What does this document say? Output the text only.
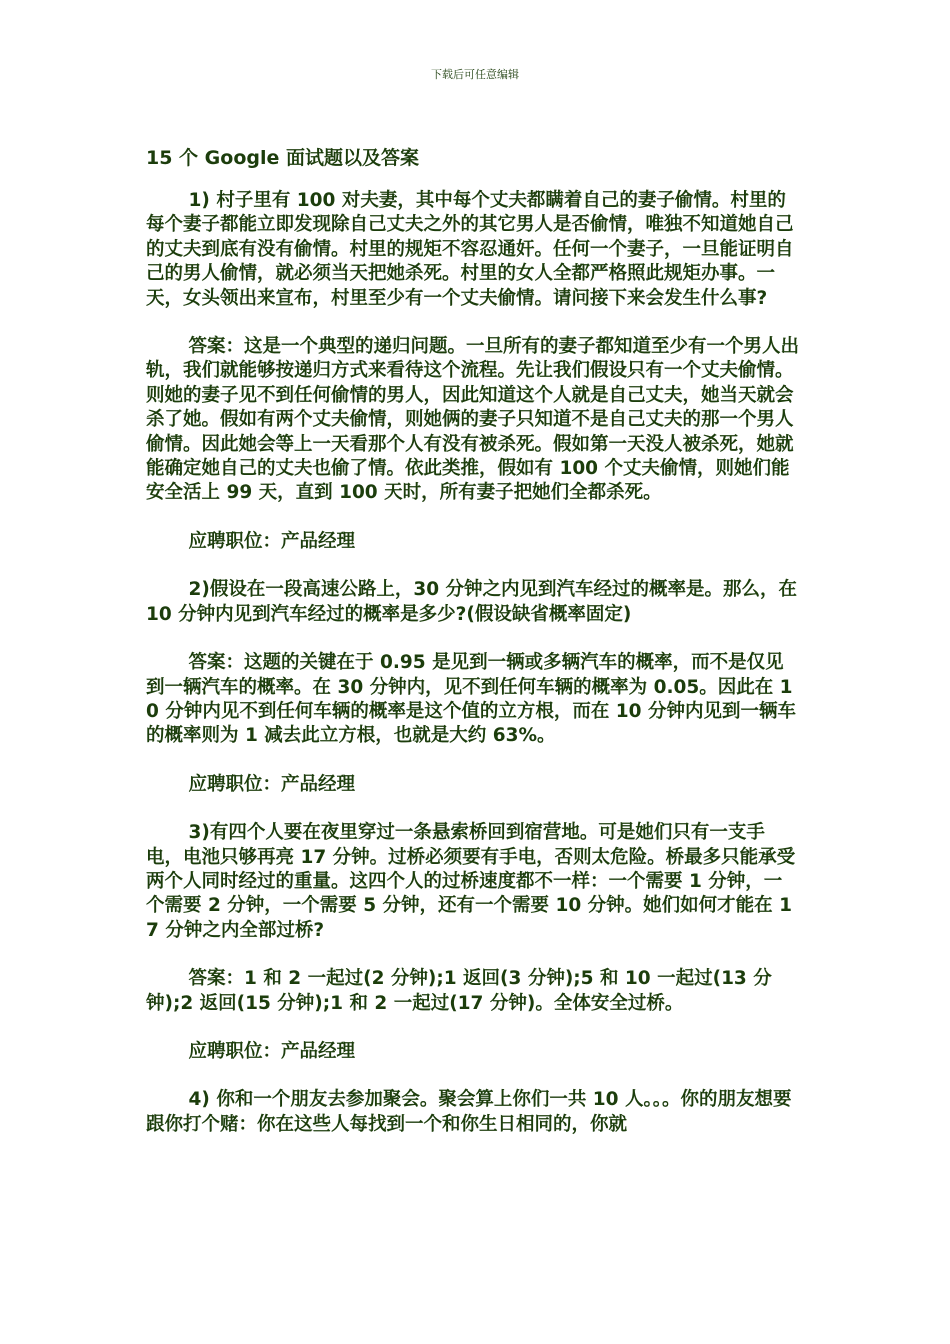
下载后可任意编辑
15 个 Google 面试题以及答案

1) 村子里有 100 对夫妻，其中每个丈夫都瞒着自己的妻子偷情。村里的每个妻子都能立即发现除自己丈夫之外的其它男人是否偷情，唯独不知道她自己的丈夫到底有没有偷情。村里的规矩不容忍通奸。任何一个妻子，一旦能证明自己的男人偷情，就必须当天把她杀死。村里的女人全都严格照此规矩办事。一天，女头领出来宣布，村里至少有一个丈夫偷情。请问接下来会发生什么事?

答案：这是一个典型的递归问题。一旦所有的妻子都知道至少有一个男人出轨，我们就能够按递归方式来看待这个流程。先让我们假设只有一个丈夫偷情。则她的妻子见不到任何偷情的男人，因此知道这个人就是自己丈夫，她当天就会杀了她。假如有两个丈夫偷情，则她俩的妻子只知道不是自己丈夫的那一个男人偷情。因此她会等上一天看那个人有没有被杀死。假如第一天没人被杀死，她就能确定她自己的丈夫也偷了情。依此类推，假如有 100 个丈夫偷情，则她们能安全活上 99 天，直到 100 天时，所有妻子把她们全都杀死。

应聘职位：产品经理

2)假设在一段高速公路上，30 分钟之内见到汽车经过的概率是。那么，在 10 分钟内见到汽车经过的概率是多少?(假设缺省概率固定)

答案：这题的关键在于 0.95 是见到一辆或多辆汽车的概率，而不是仅见到一辆汽车的概率。在 30 分钟内，见不到任何车辆的概率为 0.05。因此在 10 分钟内见不到任何车辆的概率是这个值的立方根，而在 10 分钟内见到一辆车的概率则为 1 减去此立方根，也就是大约 63%。

应聘职位：产品经理

3)有四个人要在夜里穿过一条悬索桥回到宿营地。可是她们只有一支手电，电池只够再亮 17 分钟。过桥必须要有手电，否则太危险。桥最多只能承受两个人同时经过的重量。这四个人的过桥速度都不一样：一个需要 1 分钟，一个需要 2 分钟，一个需要 5 分钟，还有一个需要 10 分钟。她们如何才能在 17 分钟之内全部过桥?

答案：1 和 2 一起过(2 分钟);1 返回(3 分钟);5 和 10 一起过(13 分钟);2 返回(15 分钟);1 和 2 一起过(17 分钟)。全体安全过桥。

应聘职位：产品经理

4) 你和一个朋友去参加聚会。聚会算上你们一共 10 人。。。你的朋友想要跟你打个赌：你在这些人每找到一个和你生日相同的，你就
